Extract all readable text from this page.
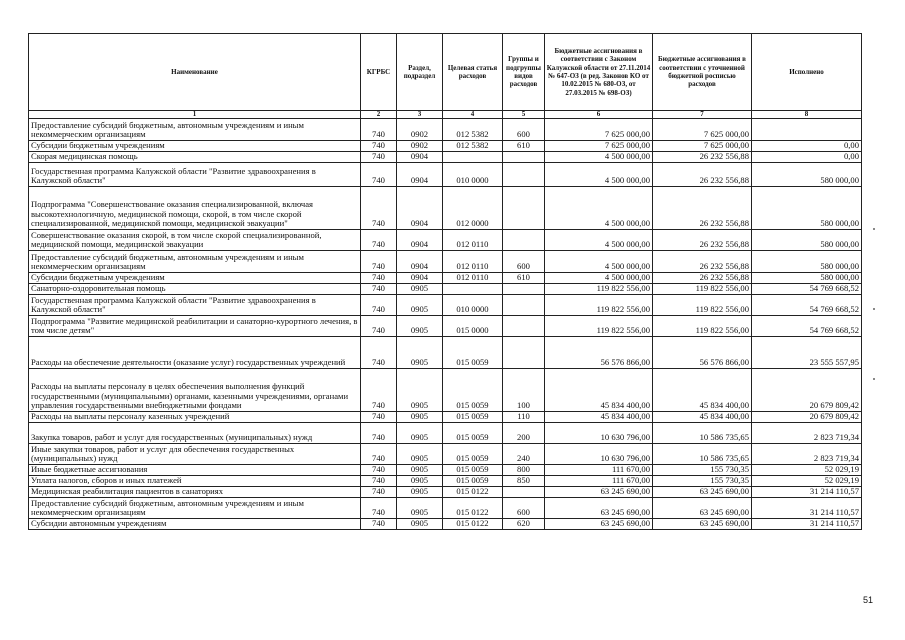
Наименование	КГРБС	Раздел, подраздел	Целевая статья расходов	Группы и подгруппы видов расходов	Бюджетные ассигнования в соответствии с Законом Калужской области от 27.11.2014 № 647-ОЗ (в ред. Законов КО от 10.02.2015 № 680-ОЗ, от 27.03.2015 № 698-ОЗ)	Бюджетные ассигнования в соответствии с уточненной бюджетной росписью расходов	Исполнено
1	2	3	4	5	6	7	8
Предоставление субсидий бюджетным, автономным учреждениям и иным некоммерческим организациям	740	0902	012 5382	600	7 625 000,00	7 625 000,00	
Субсидии бюджетным учреждениям	740	0902	012 5382	610	7 625 000,00	7 625 000,00	0,00
Скорая медицинская помощь	740	0904			4 500 000,00	26 232 556,88	0,00
Государственная программа Калужской области "Развитие здравоохранения в Калужской области"	740	0904	010 0000		4 500 000,00	26 232 556,88	580 000,00
Подпрограмма "Совершенствование оказания специализированной, включая высокотехнологичную, медицинской помощи, скорой, в том числе скорой специализированной, медицинской помощи, медицинской эвакуации"	740	0904	012 0000		4 500 000,00	26 232 556,88	580 000,00
Совершенствование оказания скорой, в том числе скорой специализированной, медицинской помощи, медицинской эвакуации	740	0904	012 0110		4 500 000,00	26 232 556,88	580 000,00
Предоставление субсидий бюджетным, автономным учреждениям и иным некоммерческим организациям	740	0904	012 0110	600	4 500 000,00	26 232 556,88	580 000,00
Субсидии бюджетным учреждениям	740	0904	012 0110	610	4 500 000,00	26 232 556,88	580 000,00
Санаторно-оздоровительная помощь	740	0905			119 822 556,00	119 822 556,00	54 769 668,52
Государственная программа Калужской области "Развитие здравоохранения в Калужской области"	740	0905	010 0000		119 822 556,00	119 822 556,00	54 769 668,52
Подпрограмма "Развитие медицинской реабилитации и санаторно-курортного лечения, в том числе детям"	740	0905	015 0000		119 822 556,00	119 822 556,00	54 769 668,52
Расходы на обеспечение деятельности (оказание услуг) государственных учреждений	740	0905	015 0059		56 576 866,00	56 576 866,00	23 555 557,95
Расходы на выплаты персоналу в целях обеспечения выполнения функций государственными (муниципальными) органами, казенными учреждениями, органами управления государственными внебюджетными фондами	740	0905	015 0059	100	45 834 400,00	45 834 400,00	20 679 809,42
Расходы на выплаты персоналу казенных учреждений	740	0905	015 0059	110	45 834 400,00	45 834 400,00	20 679 809,42
Закупка товаров, работ и услуг для государственных (муниципальных) нужд	740	0905	015 0059	200	10 630 796,00	10 586 735,65	2 823 719,34
Иные закупки товаров, работ и услуг для обеспечения государственных (муниципальных) нужд	740	0905	015 0059	240	10 630 796,00	10 586 735,65	2 823 719,34
Иные бюджетные ассигнования	740	0905	015 0059	800	111 670,00	155 730,35	52 029,19
Уплата налогов, сборов и иных платежей	740	0905	015 0059	850	111 670,00	155 730,35	52 029,19
Медицинская реабилитация пациентов в санаториях	740	0905	015 0122		63 245 690,00	63 245 690,00	31 214 110,57
Предоставление субсидий бюджетным, автономным учреждениям и иным некоммерческим организациям	740	0905	015 0122	600	63 245 690,00	63 245 690,00	31 214 110,57
Субсидии автономным учреждениям	740	0905	015 0122	620	63 245 690,00	63 245 690,00	31 214 110,57
51
